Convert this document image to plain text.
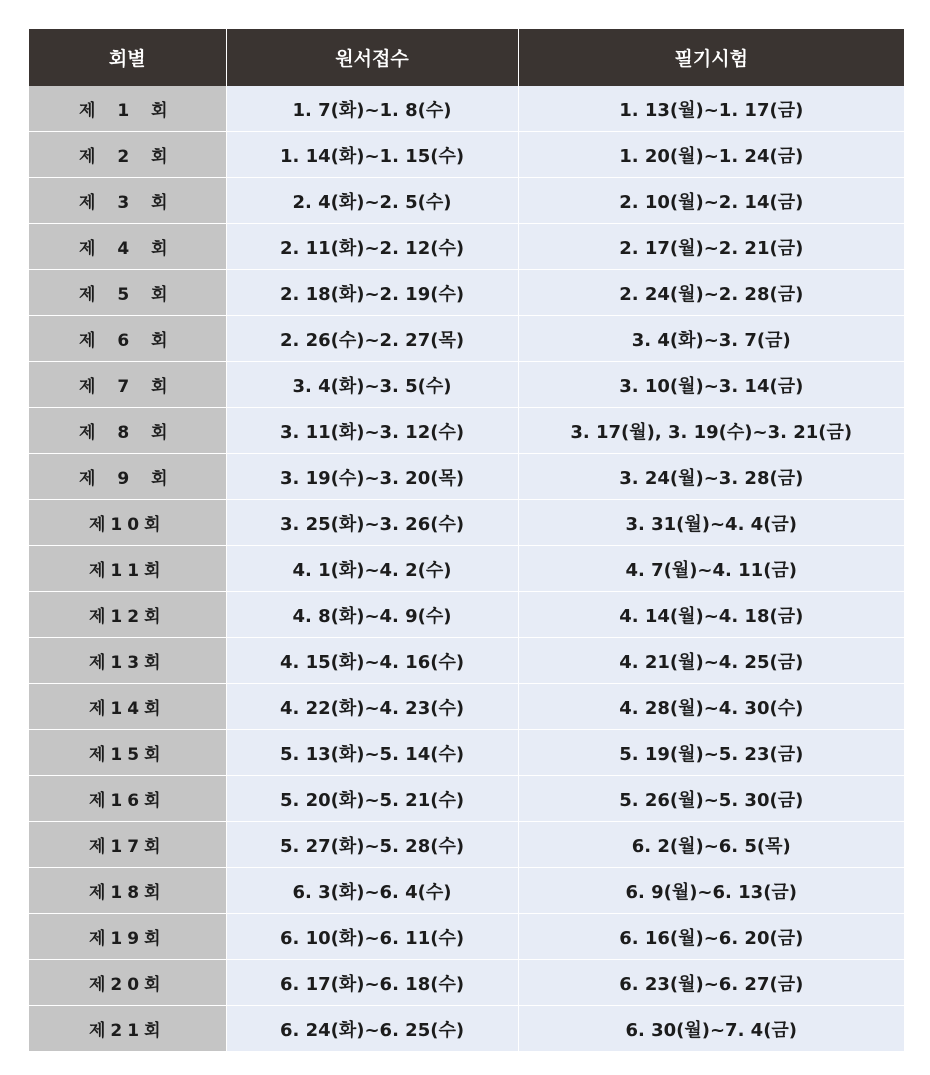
회별	원서접수	필기시험
제 1 회	1. 7(화)~1. 8(수)	1. 13(월)~1. 17(금)
제 2 회	1. 14(화)~1. 15(수)	1. 20(월)~1. 24(금)
제 3 회	2. 4(화)~2. 5(수)	2. 10(월)~2. 14(금)
제 4 회	2. 11(화)~2. 12(수)	2. 17(월)~2. 21(금)
제 5 회	2. 18(화)~2. 19(수)	2. 24(월)~2. 28(금)
제 6 회	2. 26(수)~2. 27(목)	3. 4(화)~3. 7(금)
제 7 회	3. 4(화)~3. 5(수)	3. 10(월)~3. 14(금)
제 8 회	3. 11(화)~3. 12(수)	3. 17(월), 3. 19(수)~3. 21(금)
제 9 회	3. 19(수)~3. 20(목)	3. 24(월)~3. 28(금)
제10회	3. 25(화)~3. 26(수)	3. 31(월)~4. 4(금)
제11회	4. 1(화)~4. 2(수)	4. 7(월)~4. 11(금)
제12회	4. 8(화)~4. 9(수)	4. 14(월)~4. 18(금)
제13회	4. 15(화)~4. 16(수)	4. 21(월)~4. 25(금)
제14회	4. 22(화)~4. 23(수)	4. 28(월)~4. 30(수)
제15회	5. 13(화)~5. 14(수)	5. 19(월)~5. 23(금)
제16회	5. 20(화)~5. 21(수)	5. 26(월)~5. 30(금)
제17회	5. 27(화)~5. 28(수)	6. 2(월)~6. 5(목)
제18회	6. 3(화)~6. 4(수)	6. 9(월)~6. 13(금)
제19회	6. 10(화)~6. 11(수)	6. 16(월)~6. 20(금)
제20회	6. 17(화)~6. 18(수)	6. 23(월)~6. 27(금)
제21회	6. 24(화)~6. 25(수)	6. 30(월)~7. 4(금)
